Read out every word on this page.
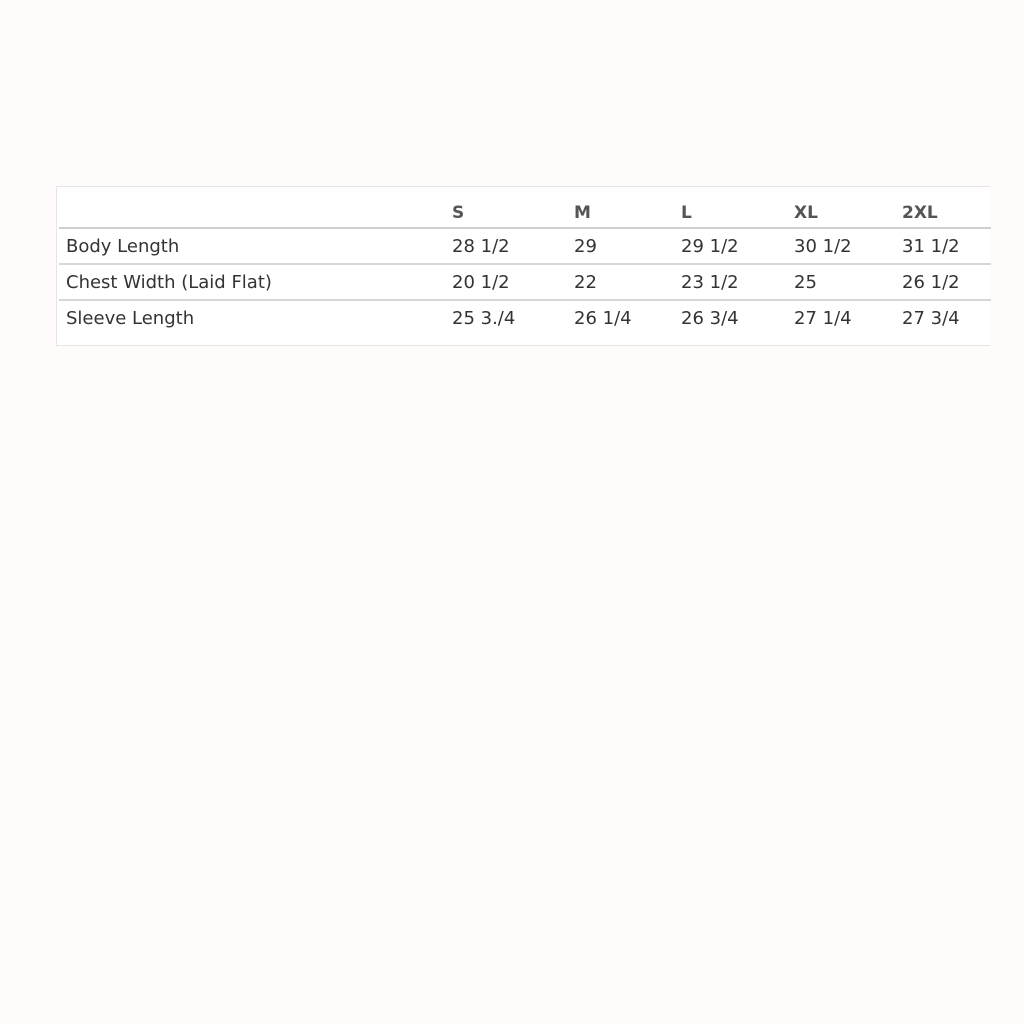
	S	M	L	XL	2XL
Body Length	28 1/2	29	29 1/2	30 1/2	31 1/2
Chest Width (Laid Flat)	20 1/2	22	23 1/2	25	26 1/2
Sleeve Length	25 3./4	26 1/4	26 3/4	27 1/4	27 3/4
